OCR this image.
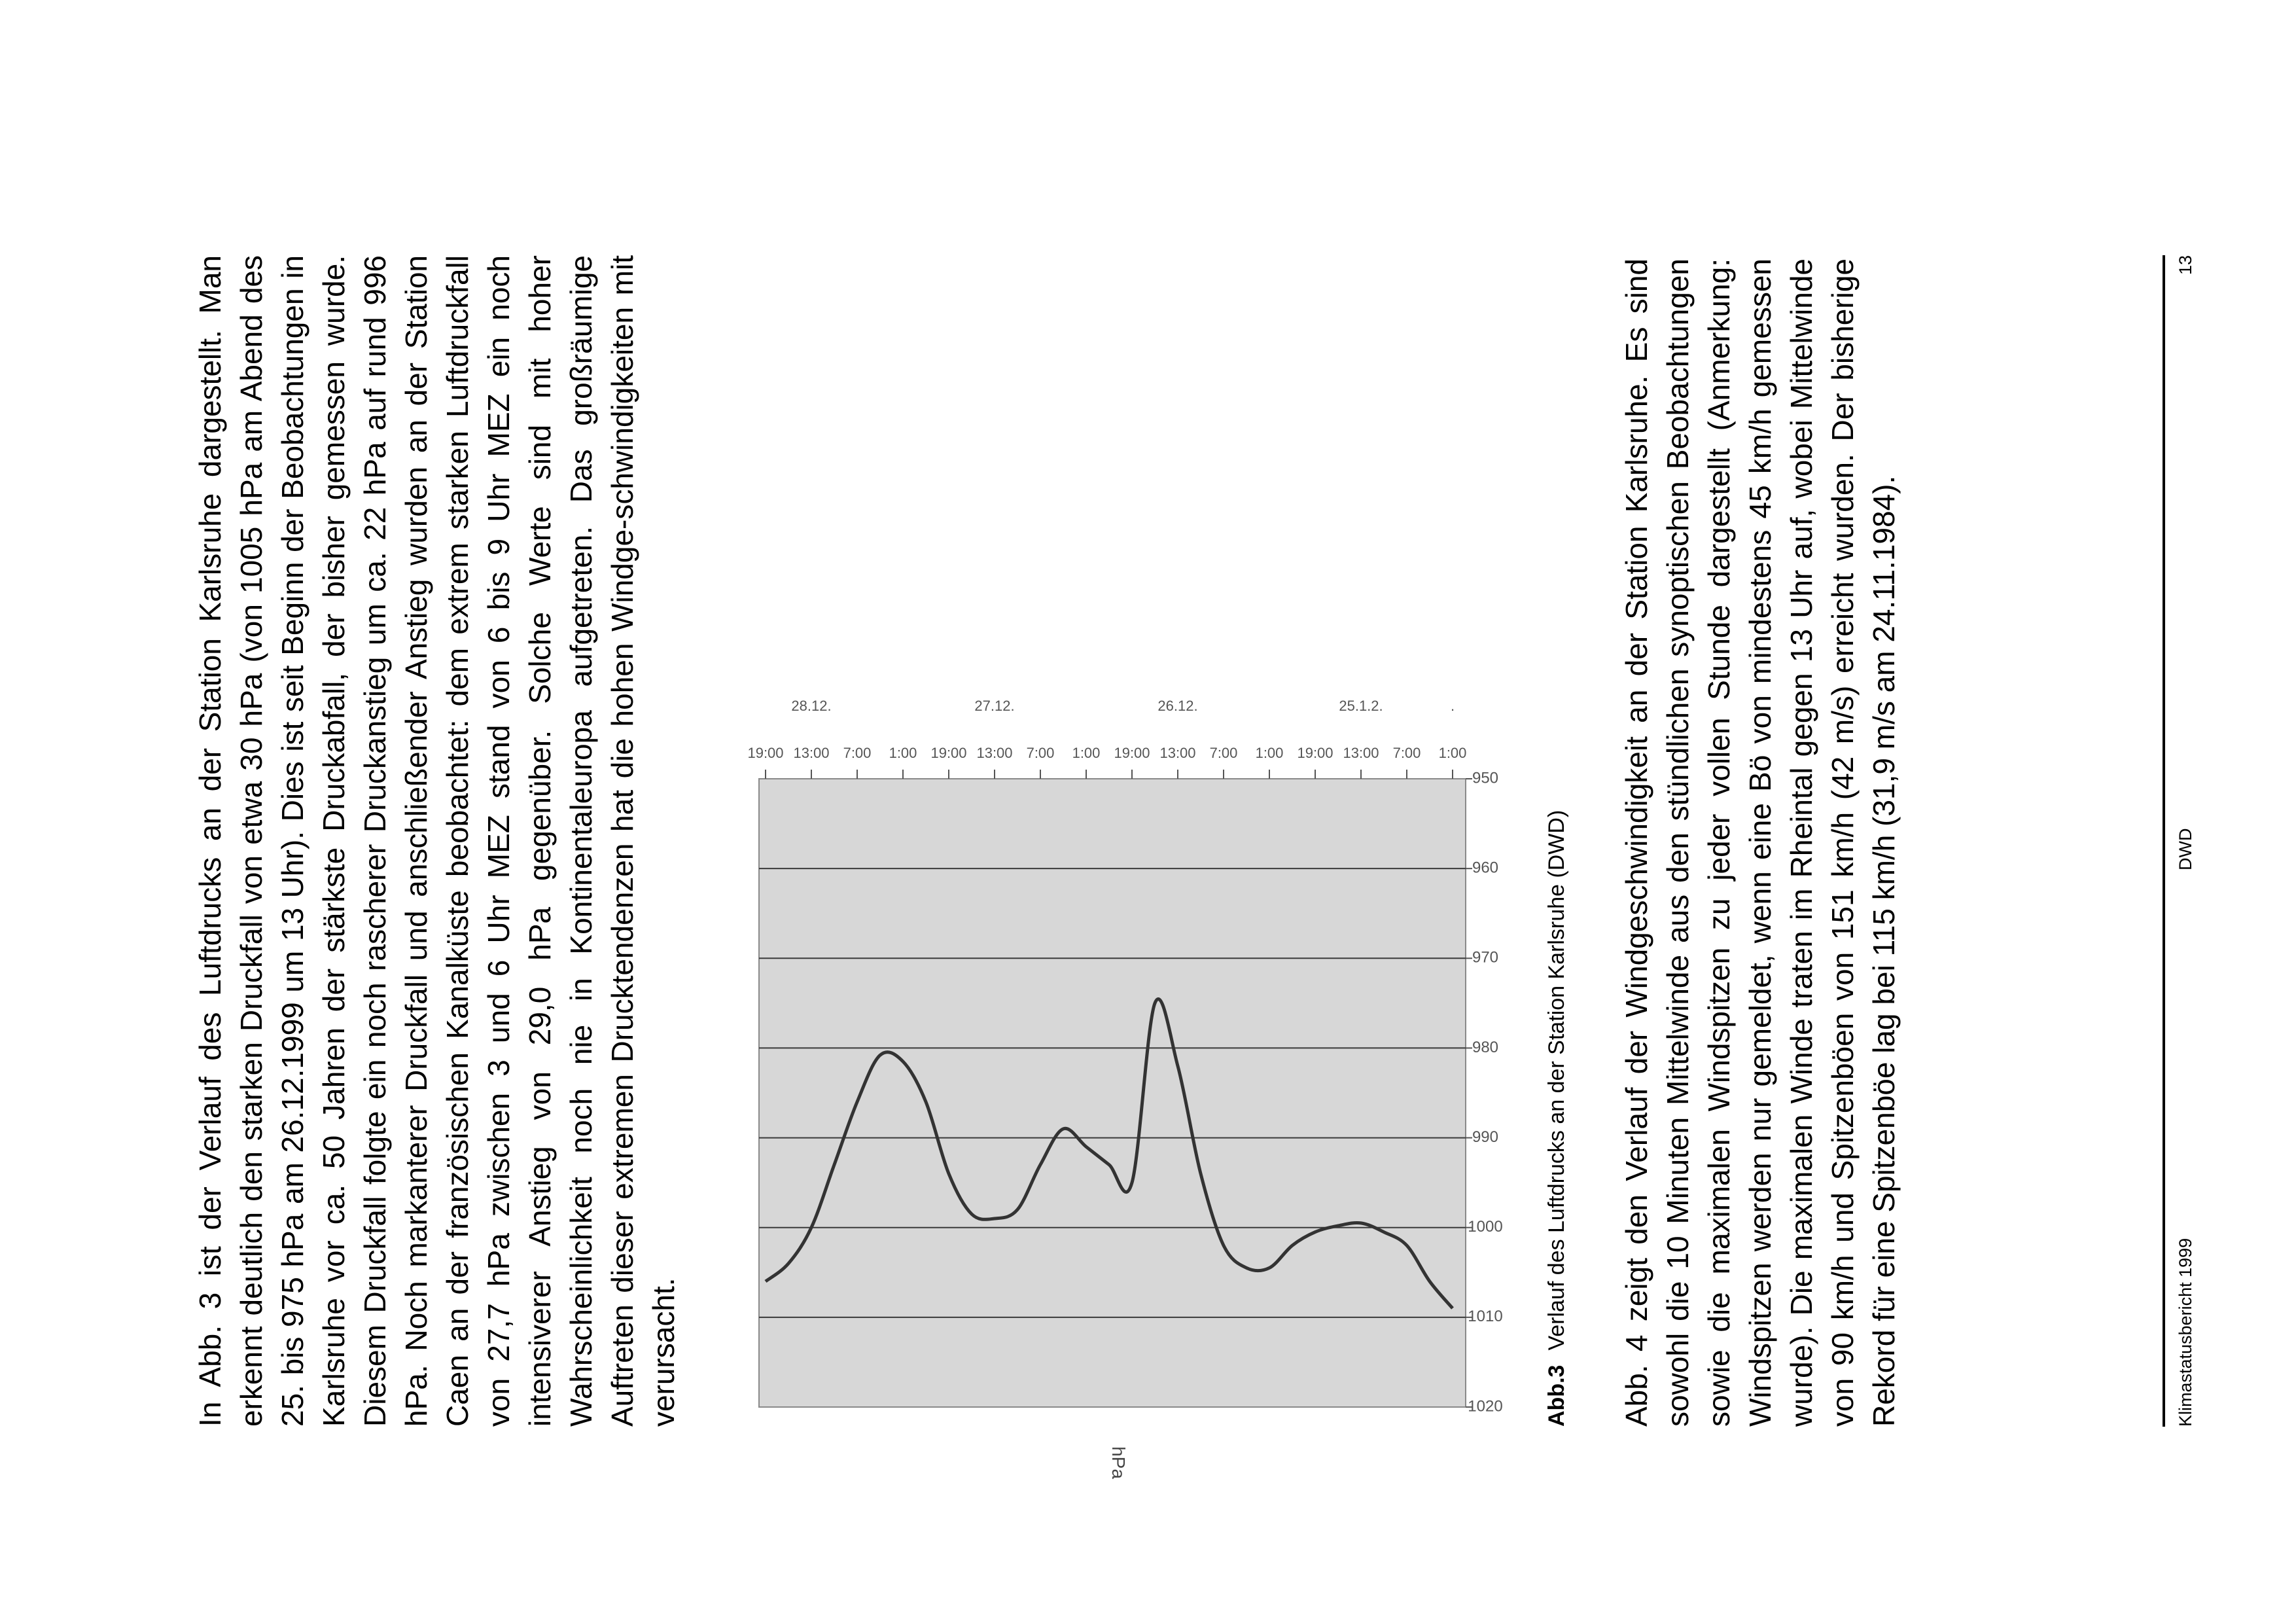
In Abb. 3 ist der Verlauf des Luftdrucks an der Station Karlsruhe dargestellt. Man erkennt deutlich den starken Druckfall von etwa 30 hPa (von 1005 hPa am Abend des 25. bis 975 hPa am 26.12.1999 um 13 Uhr). Dies ist seit Beginn der Beobachtungen in Karlsruhe vor ca. 50 Jahren der stärkste Druckabfall, der bisher gemessen wurde. Diesem Druckfall folgte ein noch rascherer Druckanstieg um ca. 22 hPa auf rund 996 hPa. Noch markanterer Druckfall und anschließender Anstieg wurden an der Station Caen an der französischen Kanalküste beobachtet: dem extrem starken Luftdruckfall von 27,7 hPa zwischen 3 und 6 Uhr MEZ stand von 6 bis 9 Uhr MEZ ein noch intensiverer Anstieg von 29,0 hPa gegenüber. Solche Werte sind mit hoher Wahrscheinlichkeit noch nie in Kontinentaleuropa aufgetreten. Das großräumige Auftreten dieser extremen Drucktendenzen hat die hohen Windge-schwindigkeiten mit verursacht.

950
960
970
980
990
1000
1010
1020
1:00
7:00
13:00
19:00
1:00
7:00
13:00
19:00
1:00
7:00
13:00
19:00
1:00
7:00
13:00
19:00
.
25.1.2.
26.12.
27.12.
28.12.
hPa
Abb.3Verlauf des Luftdrucks an der Station Karlsruhe (DWD) Abb. 4 zeigt den Verlauf der Windgeschwindigkeit an der Station Karlsruhe. Es sind sowohl die 10 Minuten Mittelwinde aus den stündlichen synoptischen Beobachtungen sowie die maximalen Windspitzen zu jeder vollen Stunde dargestellt (Anmerkung: Windspitzen werden nur gemeldet, wenn eine Bö von mindestens 45 km/h gemessen wurde). Die maximalen Winde traten im Rheintal gegen 13 Uhr auf, wobei Mittelwinde von 90 km/h und Spitzenböen von 151 km/h (42 m/s) erreicht wurden. Der bisherige Rekord für eine Spitzenböe lag bei 115 km/h (31,9 m/s am 24.11.1984).	Klimastatusbericht 1999
DWD
13
